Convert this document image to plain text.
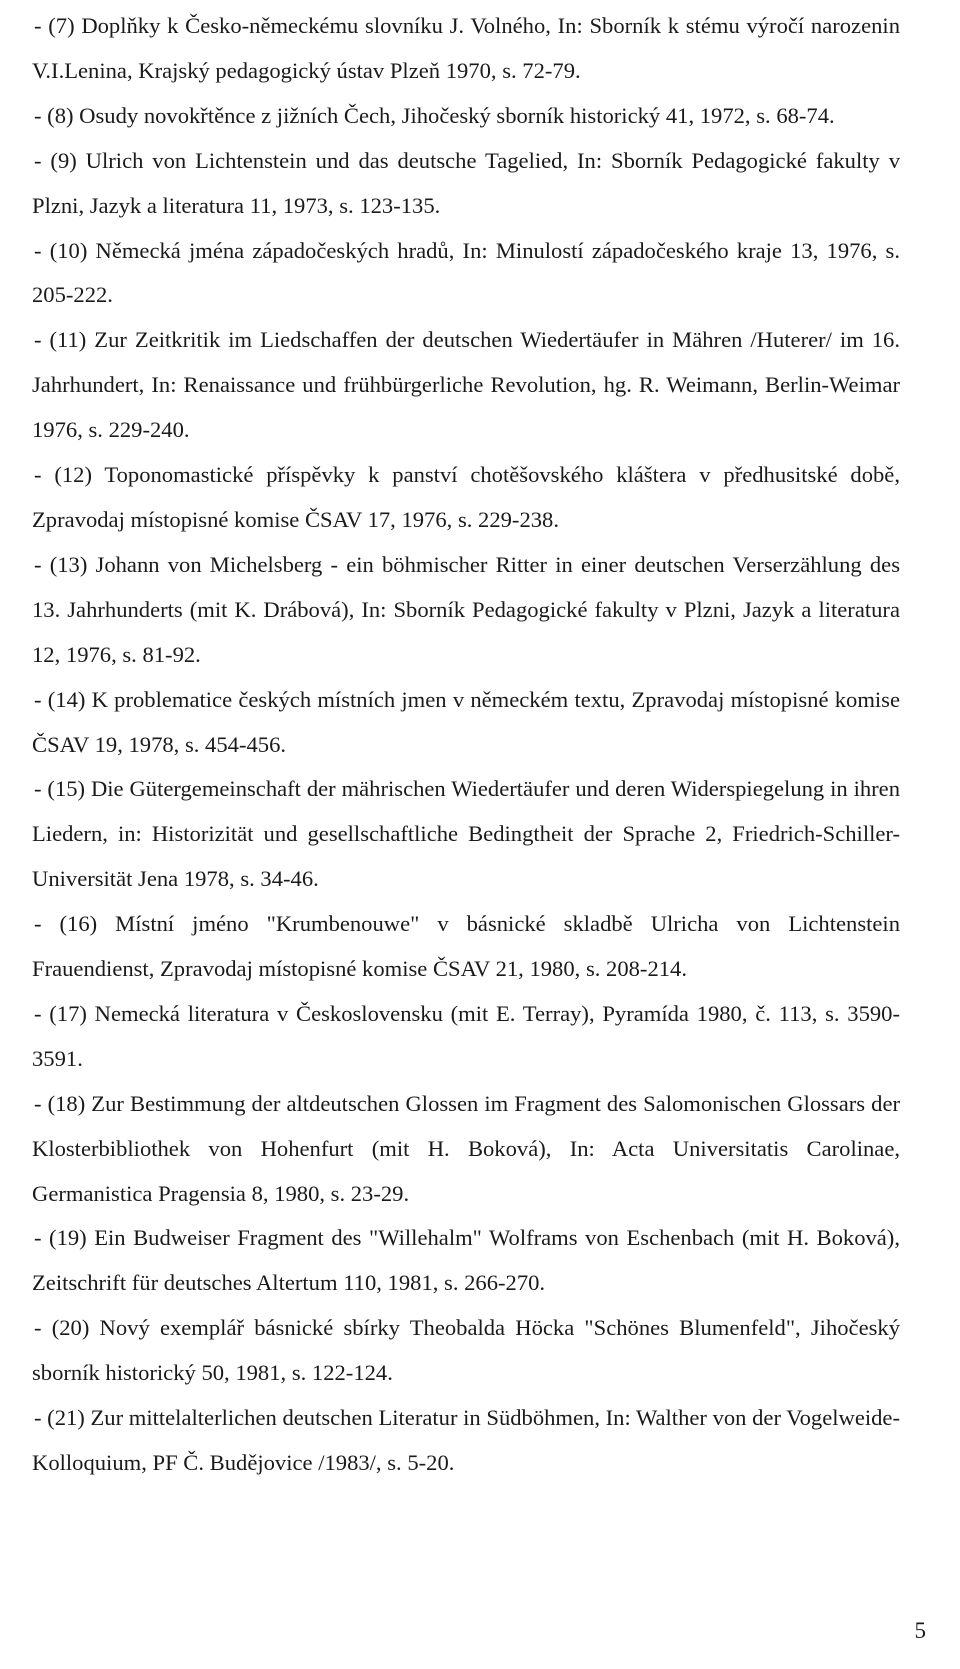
- (7) Doplňky k Česko-německému slovníku J. Volného, In: Sborník k stému výročí narozenin V.I.Lenina, Krajský pedagogický ústav Plzeň 1970, s. 72-79.

- (8) Osudy novokřtěnce z jižních Čech, Jihočeský sborník historický 41, 1972, s. 68-74.

- (9) Ulrich von Lichtenstein und das deutsche Tagelied, In: Sborník Pedagogické fakulty v Plzni, Jazyk a literatura 11, 1973, s. 123-135.

- (10) Německá jména západočeských hradů, In: Minulostí západočeského kraje 13, 1976, s. 205-222.

- (11) Zur Zeitkritik im Liedschaffen der deutschen Wiedertäufer in Mähren /Huterer/ im 16. Jahrhundert, In: Renaissance und frühbürgerliche Revolution, hg. R. Weimann, Berlin-Weimar 1976, s. 229-240.

- (12) Toponomastické příspěvky k panství chotěšovského kláštera v předhusitské době, Zpravodaj místopisné komise ČSAV 17, 1976, s. 229-238.

- (13) Johann von Michelsberg - ein böhmischer Ritter in einer deutschen Verserzählung des 13. Jahrhunderts (mit K. Drábová), In: Sborník Pedagogické fakulty v Plzni, Jazyk a literatura 12, 1976, s. 81-92.

- (14) K problematice českých místních jmen v německém textu, Zpravodaj místopisné komise ČSAV 19, 1978, s. 454-456.

- (15) Die Gütergemeinschaft der mährischen Wiedertäufer und deren Widerspiegelung in ihren Liedern, in: Historizität und gesellschaftliche Bedingtheit der Sprache 2, Friedrich-Schiller-Universität Jena 1978, s. 34-46.

- (16) Místní jméno "Krumbenouwe" v básnické skladbě Ulricha von Lichtenstein Frauendienst, Zpravodaj místopisné komise ČSAV 21, 1980, s. 208-214.

- (17) Nemecká literatura v Československu (mit E. Terray), Pyramída 1980, č. 113, s. 3590-3591.

- (18) Zur Bestimmung der altdeutschen Glossen im Fragment des Salomonischen Glossars der Klosterbibliothek von Hohenfurt (mit H. Boková), In: Acta Universitatis Carolinae, Germanistica Pragensia 8, 1980, s. 23-29.

- (19) Ein Budweiser Fragment des "Willehalm" Wolframs von Eschenbach (mit H. Boková), Zeitschrift für deutsches Altertum 110, 1981, s. 266-270.

- (20) Nový exemplář básnické sbírky Theobalda Höcka "Schönes Blumenfeld", Jihočeský sborník historický 50, 1981, s. 122-124.

- (21) Zur mittelalterlichen deutschen Literatur in Südböhmen, In: Walther von der Vogelweide-Kolloquium, PF Č. Budějovice /1983/, s. 5-20.

5
